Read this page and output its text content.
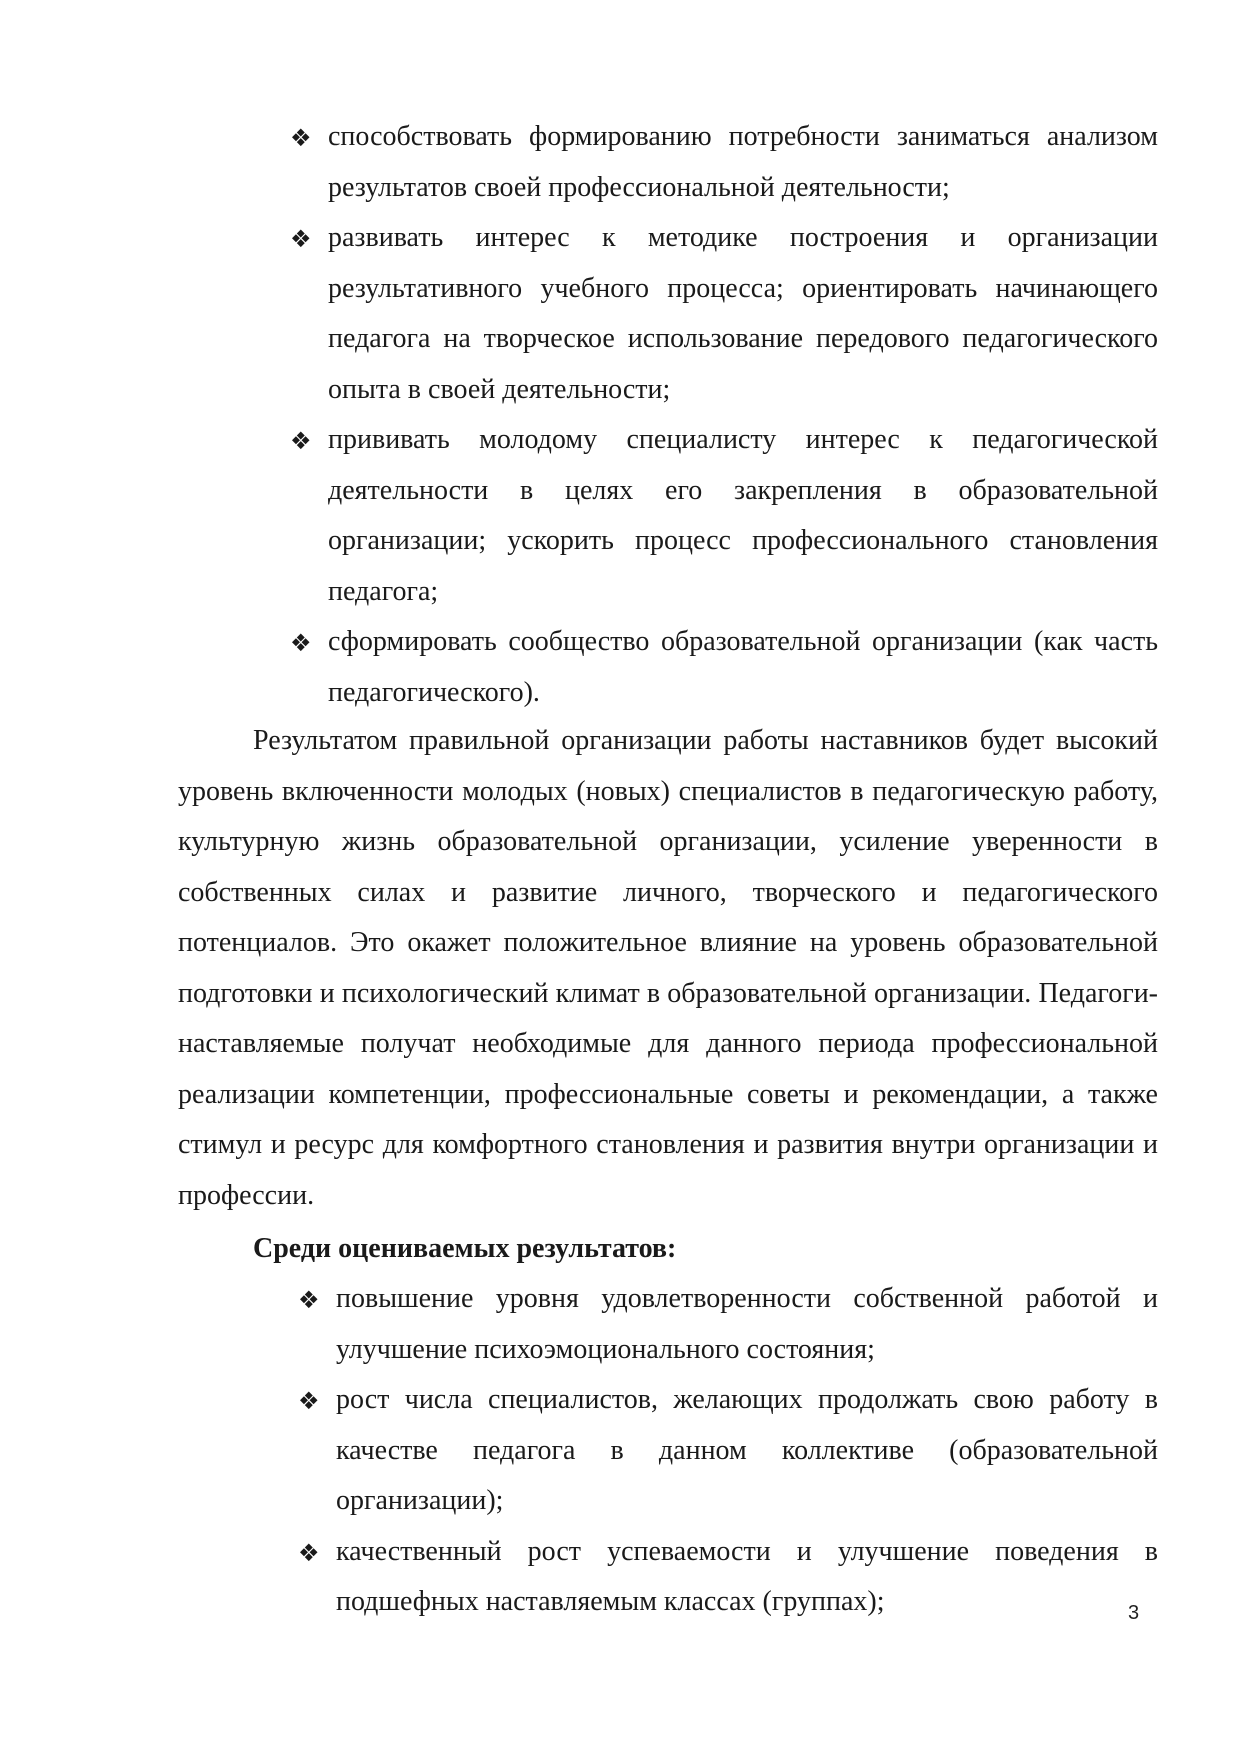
❖ способствовать формированию потребности заниматься анализом результатов своей профессиональной деятельности;
❖ развивать интерес к методике построения и организации результативного учебного процесса; ориентировать начинающего педагога на творческое использование передового педагогического опыта в своей деятельности;
❖ прививать молодому специалисту интерес к педагогической деятельности в целях его закрепления в образовательной организации; ускорить процесс профессионального становления педагога;
❖ сформировать сообщество образовательной организации (как часть педагогического).

Результатом правильной организации работы наставников будет высокий уровень включенности молодых (новых) специалистов в педагогическую работу, культурную жизнь образовательной организации, усиление уверенности в собственных силах и развитие личного, творческого и педагогического потенциалов. Это окажет положительное влияние на уровень образовательной подготовки и психологический климат в образовательной организации. Педагоги-наставляемые получат необходимые для данного периода профессиональной реализации компетенции, профессиональные советы и рекомендации, а также стимул и ресурс для комфортного становления и развития внутри организации и профессии.

Среди оцениваемых результатов:

❖ повышение уровня удовлетворенности собственной работой и улучшение психоэмоционального состояния;
❖ рост числа специалистов, желающих продолжать свою работу в качестве педагога в данном коллективе (образовательной организации);
❖ качественный рост успеваемости и улучшение поведения в подшефных наставляемым классах (группах);	3
